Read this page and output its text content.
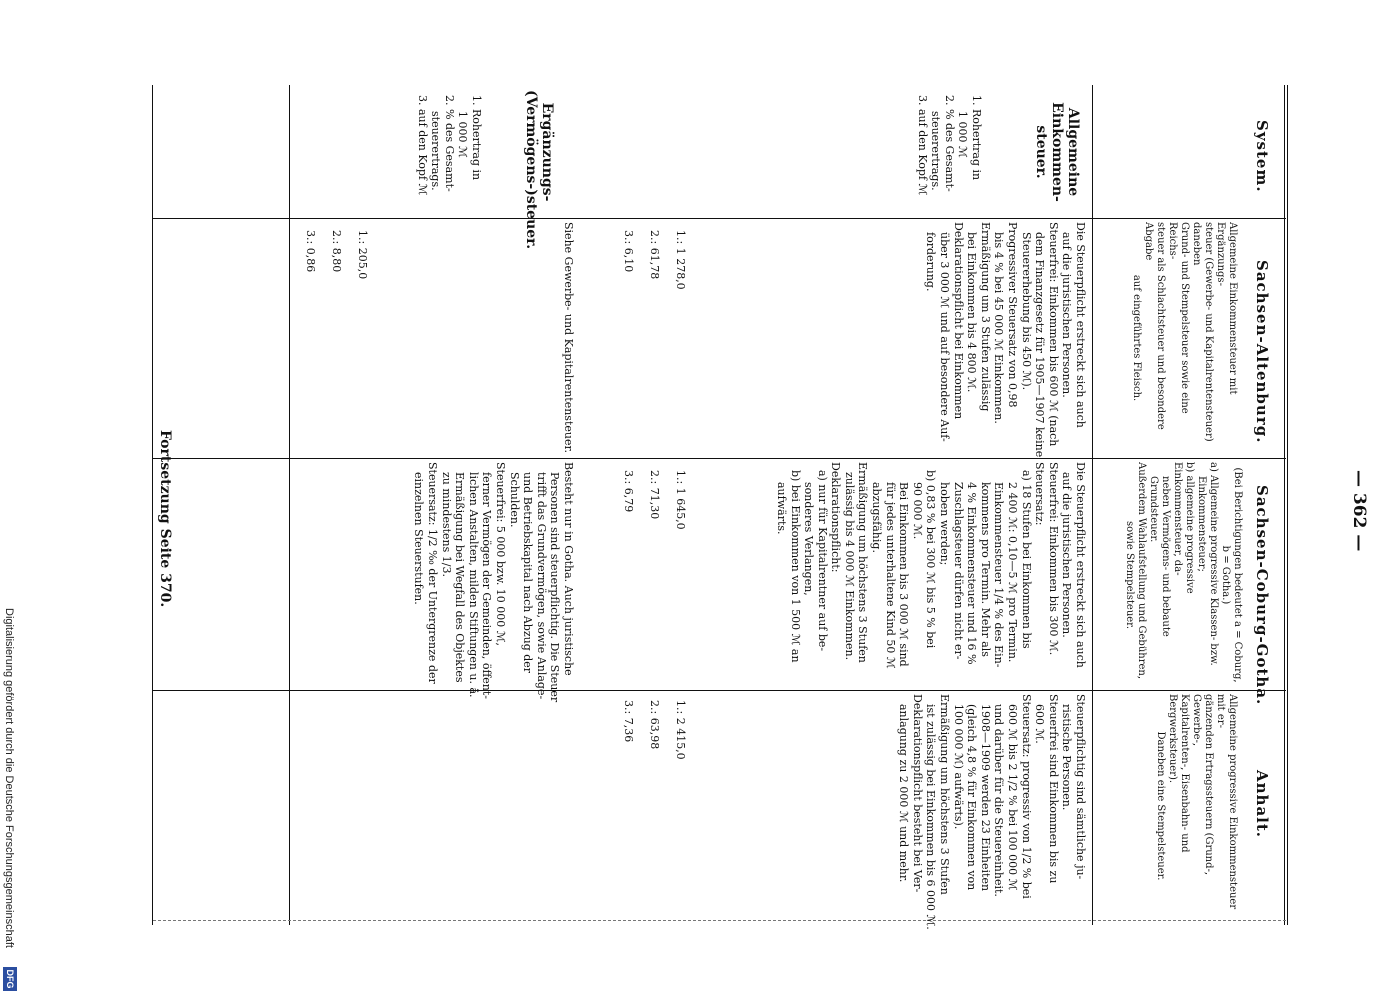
— 362 —
System.
Sachsen-Altenburg.
Sachsen-Coburg-Gotha.
Anhalt.
Allgemeine Einkommensteuer mit Ergänzungs-
steuer (Gewerbe- und Kapitalrentensteuer) daneben
Grund- und Stempelsteuer sowie eine Reichs-
steuer als Schlachtsteuer und besondere Abgabe
auf eingeführtes Fleisch.
(Bei Berichtigungen bedeutet a = Coburg,
b = Gotha.)
a) Allgemeine progressive Klassen- bzw.
Einkommensteuer;
b) allgemeine progressive Einkommensteuer, da-
neben Vermögens- und bebaute Grundsteuer.
Außerdem Wahlaufstellung und Gebühren,
sowie Stempelsteuer.
Allgemeine progressive Einkommensteuer mit er-
gänzenden Ertragssteuern (Grund-, Gewerbe-,
Kapitalrenten-, Eisenbahn- und Bergwerksteuer).
Daneben eine Stempelsteuer.
Allgemeine Einkommen-steuer.
1. Rohertrag in
1 000 ℳ
2. % des Gesamt-
steuerertrags.
3. auf den Kopf ℳ
Die Steuerpflicht erstreckt sich auch
auf die juristischen Personen.
Steuerfrei: Einkommen bis 600 ℳ (nach
dem Finanzgesetz für 1905—1907 keine
Steuererhebung bis 450 ℳ).
Progressiver Steuersatz von 0,98
bis 4 % bei 45 000 ℳ Einkommen.
Ermäßigung um 3 Stufen zulässig
bei Einkommen bis 4 800 ℳ.
Deklarationspflicht bei Einkommen
über 3 000 ℳ und auf besondere Auf-
forderung.
Die Steuerpflicht erstreckt sich auch
auf die juristischen Personen.
Steuerfrei: Einkommen bis 300 ℳ.
Steuersatz:
a) 18 Stufen bei Einkommen bis
2 400 ℳ: 0,10—5 ℳ pro Termin.
Einkommensteuer 1/4 % des Ein-
kommens pro Termin. Mehr als
4 % Einkommensteuer und 16 %
Zuschlagsteuer dürfen nicht er-
hoben werden;
b) 0,83 % bei 300 ℳ bis 5 % bei
90 000 ℳ.
Bei Einkommen bis 3 000 ℳ sind
für jedes unterhaltene Kind 50 ℳ
abzugsfähig.
Ermäßigung um höchstens 3 Stufen
zulässig bis 4 000 ℳ Einkommen.
Deklarationspflicht:
a) nur für Kapitalrentner auf be-
sonderes Verlangen,
b) bei Einkommen von 1 500 ℳ an
aufwärts.
Steuerpflichtig sind sämtliche ju-
ristische Personen.
Steuerfrei sind Einkommen bis zu
600 ℳ.
Steuersatz: progressiv von 1/2 % bei
600 ℳ bis 2 1/2 % bei 100 000 ℳ
und darüber für die Steuereinheit.
1908—1909 werden 23 Einheiten
(gleich 4,8 % für Einkommen von
100 000 ℳ) aufwärts).
Ermäßigung um höchstens 3 Stufen
ist zulässig bei Einkommen bis 6 000 ℳ.
Deklarationspflicht besteht bei Ver-
anlagung zu 2 000 ℳ und mehr.
1.: 1 278,0
2.: 61,78
3.: 6,10
1.: 1 645,0
2.: 71,30
3.: 6,79
1.: 2 415,0
2.: 63,98
3.: 7,36
Ergänzungs-(Vermögens-)steuer.
1. Rohertrag in
1 000 ℳ
2. % des Gesamt-
steuerertrags.
3. auf den Kopf ℳ
Siehe Gewerbe- und Kapitalrentensteuer.
Besteht nur in Gotha. Auch juristische
Personen sind steuerpflichtig. Die Steuer
trifft das Grundvermögen, sowie Anlage-
und Betriebskapital nach Abzug der
Schulden.
Steuerfrei: 5 000 bzw. 10 000 ℳ,
ferner Vermögen der Gemeinden, öffent-
lichen Anstalten, milden Stiftungen u. ä.
Ermäßigung bei Wegfall des Objektes
zu mindestens 1/3.
Steuersatz: 1/2 ‰ der Untergrenze der
einzelnen Steuerstufen.
1.: 205,0
2.: 8,80
3.: 0,86
Fortsetzung Seite 370.
Digitalisierung gefördert durch die Deutsche Forschungsgemeinschaft
DFG
